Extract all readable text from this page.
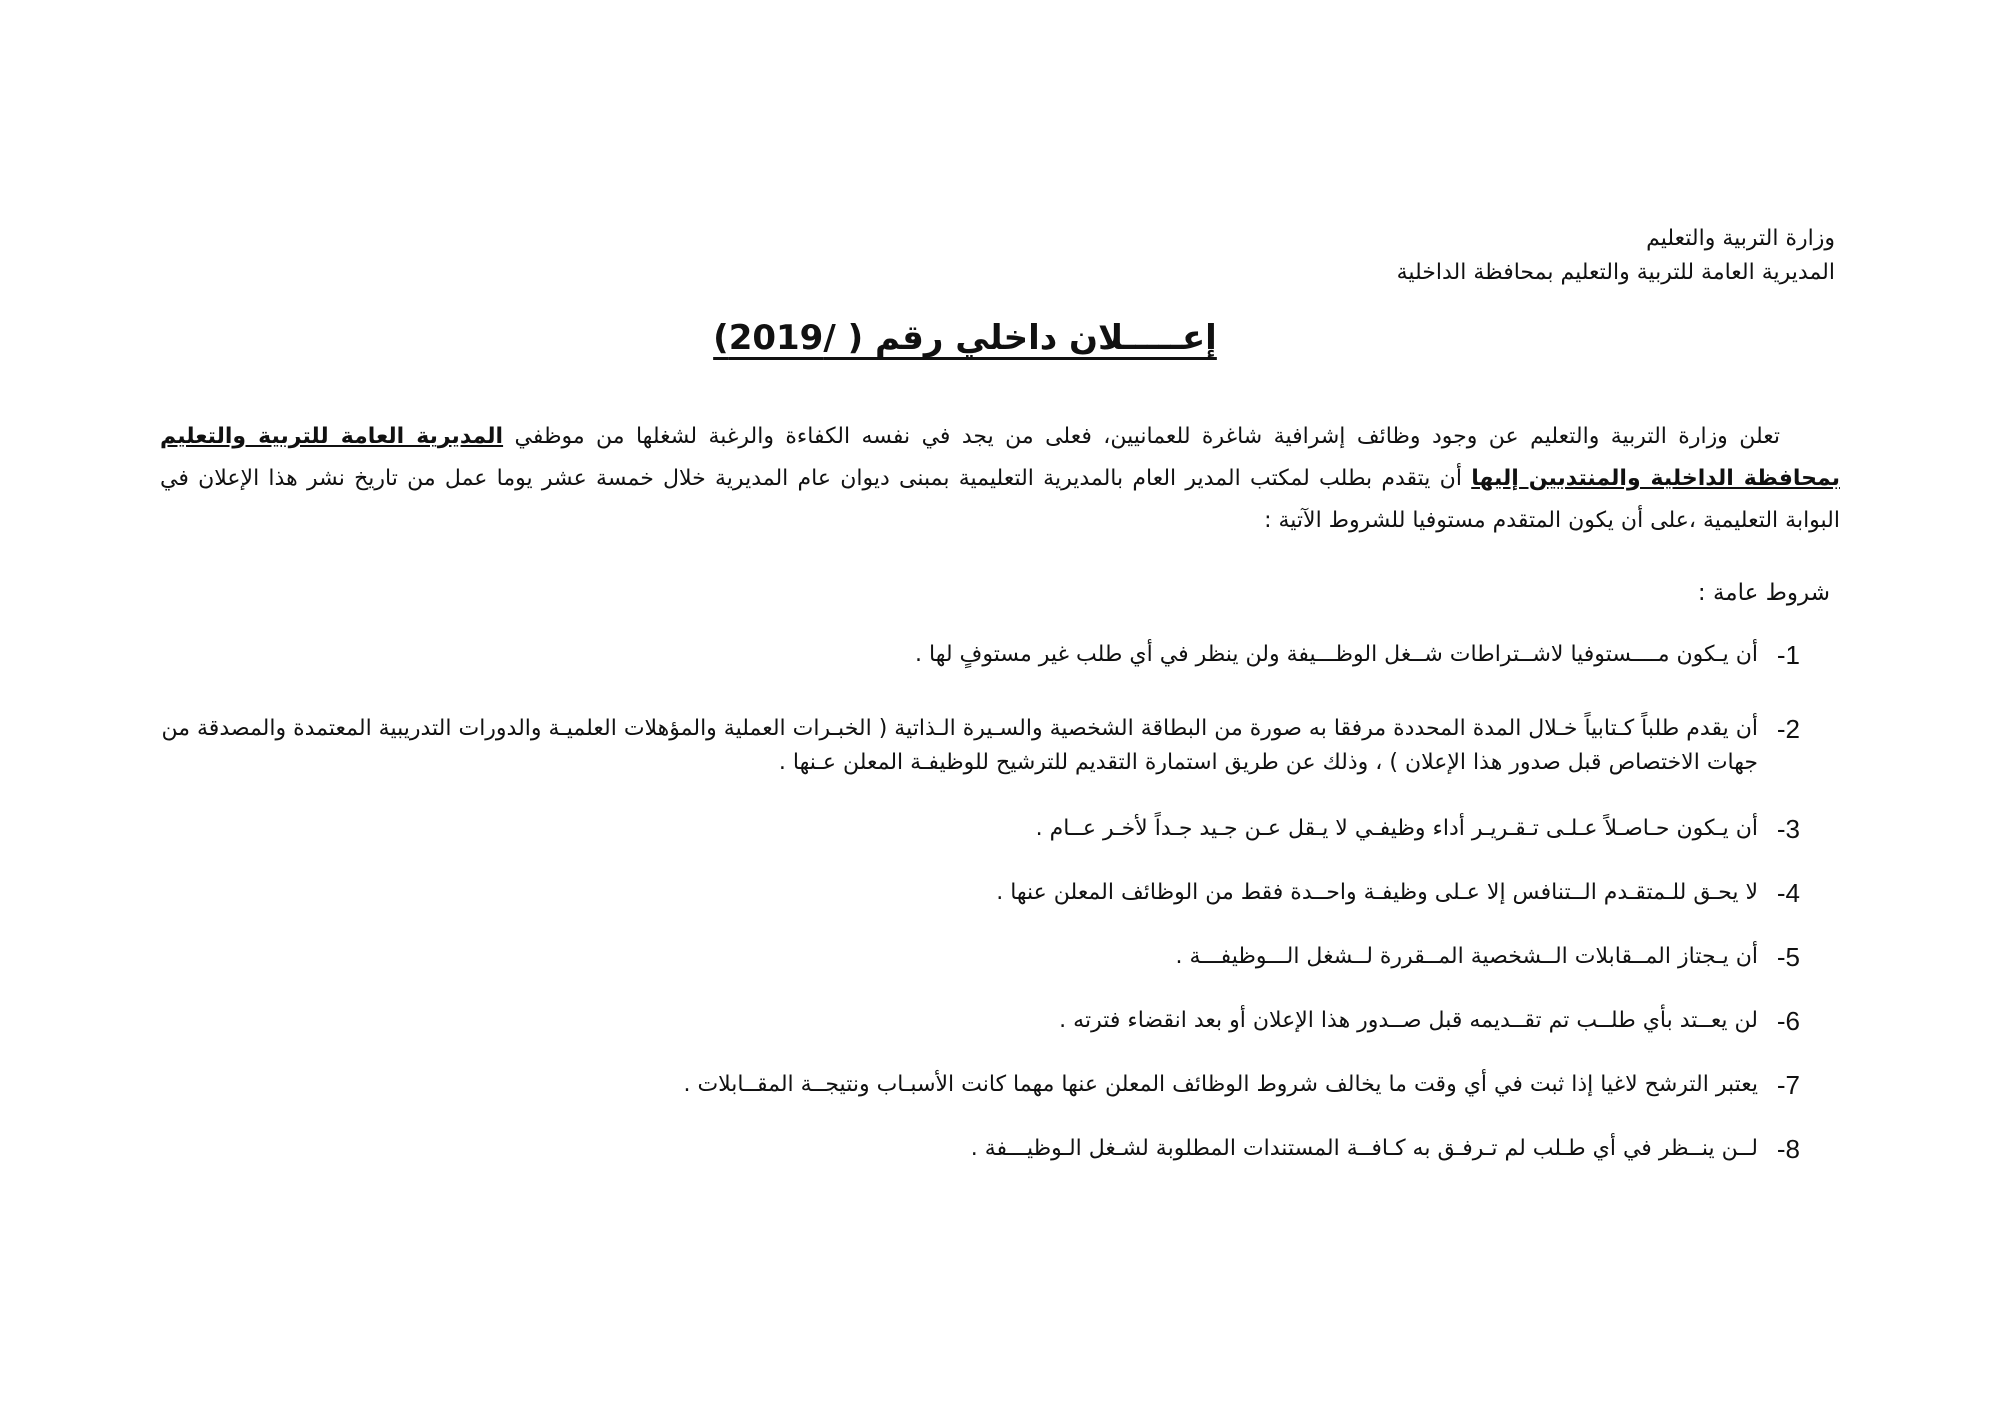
وزارة التربية والتعليم
المديرية العامة للتربية والتعليم بمحافظة الداخلية
إعـــــلان داخلي رقم ( /2019)

تعلن وزارة التربية والتعليم عن وجود وظائف إشرافية شاغرة للعمانيين، فعلى من يجد في نفسه الكفاءة والرغبة لشغلها من موظفي المديرية العامة للتربية والتعليم بمحافظة الداخلية والمنتدبين إليها أن يتقدم بطلب لمكتب المدير العام بالمديرية التعليمية بمبنى ديوان عام المديرية خلال خمسة عشر يوما عمل من تاريخ نشر هذا الإعلان في البوابة التعليمية ،على أن يكون المتقدم مستوفيا للشروط الآتية :

شروط عامة :
1-
أن يـكون مــــستوفيا لاشــتراطات شــغل الوظـــيفة ولن ينظر في أي طلب غير مستوفٍ لها .
2-
أن يقدم طلباً كـتابياً خـلال المدة المحددة مرفقا به صورة من البطاقة الشخصية والسـيرة الـذاتية ( الخبـرات العملية والمؤهلات العلميـة والدورات التدريبية المعتمدة والمصدقة من جهات الاختصاص قبل صدور هذا الإعلان ) ، وذلك عن طريق استمارة التقديم للترشيح للوظيفـة المعلن عـنها .
3-
أن يـكون حـاصـلاً عـلـى تـقـريـر أداء وظيفـي لا يـقل عـن جـيد جـداً لأخـر عــام .
4-
لا يحـق للـمتقـدم الــتنافس إلا عـلى وظيفـة واحــدة فقط من الوظائف المعلن عنها .
5-
أن يـجتاز المــقابلات الــشخصية المــقررة لــشغل الـــوظيفـــة .
6-
لن يعــتد بأي طلــب تم تقــديمه قبل صــدور هذا الإعلان أو بعد انقضاء فترته .
7-
يعتبر الترشح لاغيا إذا ثبت في أي وقت ما يخالف شروط الوظائف المعلن عنها مهما كانت الأسبـاب ونتيجــة المقــابلات .
8-
لــن ينــظر في أي طـلب لم تـرفـق به كـافــة المستندات المطلوبة لشـغل الـوظيـــفة .
